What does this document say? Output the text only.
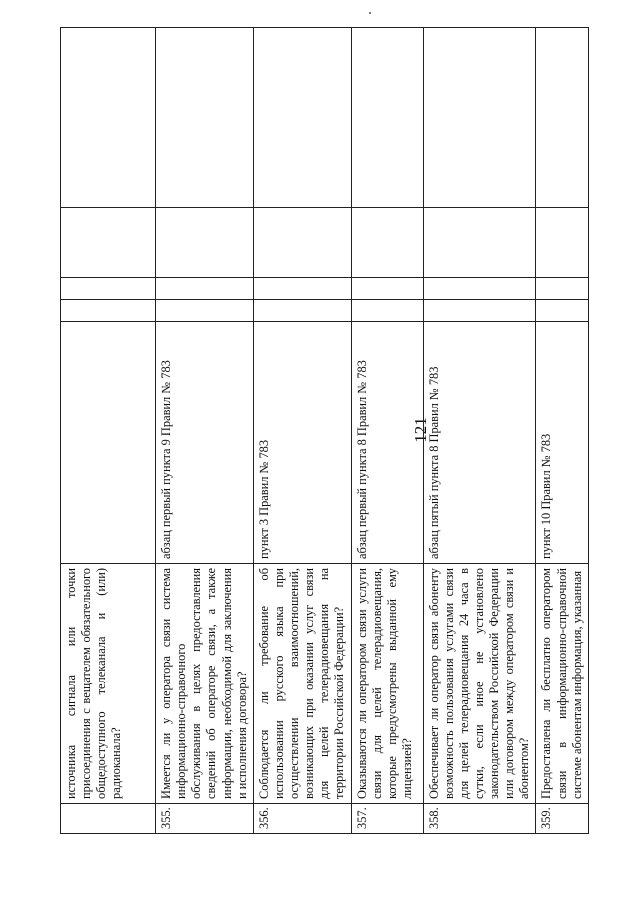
121
	источника сигнала или точки присоединения с вещателем обязательного общедоступного телеканала и (или) радиоканала?					
355.	Имеется ли у оператора связи система информационно-справочного обслуживания в целях предоставления сведений об операторе связи, а также информации, необходимой для заключения и исполнения договора?	абзац первый пункта 9 Правил № 783				
356.	Соблюдается ли требование об использовании русского языка при осуществлении взаимоотношений, возникающих при оказании услуг связи для целей телерадиовещания на территории Российской Федерации?	пункт 3 Правил № 783				
357.	Оказываются ли оператором связи услуги связи для целей телерадиовещания, которые предусмотрены выданной ему лицензией?	абзац первый пункта 8 Правил № 783				
358.	Обеспечивает ли оператор связи абоненту возможность пользования услугами связи для целей телерадиовещания 24 часа в сутки, если иное не установлено законодательством Российской Федерации или договором между оператором связи и абонентом?	абзац пятый пункта 8 Правил № 783				
359.	Предоставлена ли бесплатно оператором связи в информационно-справочной системе абонентам информация, указанная	пункт 10 Правил № 783				
